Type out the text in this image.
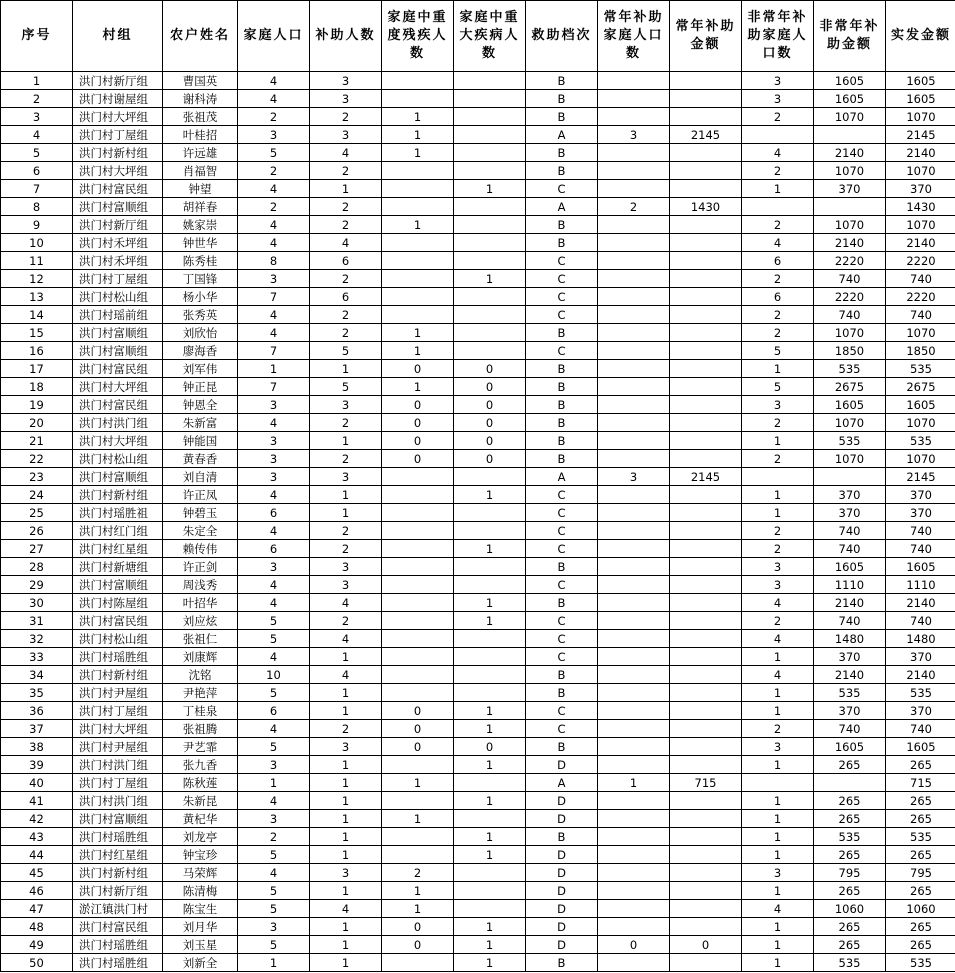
序号	村组	农户姓名	家庭人口	补助人数	家庭中重度残疾人数	家庭中重大疾病人数	救助档次	常年补助家庭人口数	常年补助金额	非常年补助家庭人口数	非常年补助金额	实发金额
1	洪门村新厅组	曹国英	4	3			B			3	1605	1605
2	洪门村谢屋组	谢科涛	4	3			B			3	1605	1605
3	洪门村大坪组	张祖茂	2	2	1		B			2	1070	1070
4	洪门村丁屋组	叶桂招	3	3	1		A	3	2145			2145
5	洪门村新村组	许远雄	5	4	1		B			4	2140	2140
6	洪门村大坪组	肖福智	2	2			B			2	1070	1070
7	洪门村富民组	钟望	4	1		1	C			1	370	370
8	洪门村富顺组	胡祥春	2	2			A	2	1430			1430
9	洪门村新厅组	姚家崇	4	2	1		B			2	1070	1070
10	洪门村禾坪组	钟世华	4	4			B			4	2140	2140
11	洪门村禾坪组	陈秀桂	8	6			C			6	2220	2220
12	洪门村丁屋组	丁国锋	3	2		1	C			2	740	740
13	洪门村松山组	杨小华	7	6			C			6	2220	2220
14	洪门村瑶前组	张秀英	4	2			C			2	740	740
15	洪门村富顺组	刘欣怡	4	2	1		B			2	1070	1070
16	洪门村富顺组	廖海香	7	5	1		C			5	1850	1850
17	洪门村富民组	刘军伟	1	1	0	0	B			1	535	535
18	洪门村大坪组	钟正昆	7	5	1	0	B			5	2675	2675
19	洪门村富民组	钟恩全	3	3	0	0	B			3	1605	1605
20	洪门村洪门组	朱新富	4	2	0	0	B			2	1070	1070
21	洪门村大坪组	钟能国	3	1	0	0	B			1	535	535
22	洪门村松山组	黄春香	3	2	0	0	B			2	1070	1070
23	洪门村富顺组	刘自清	3	3			A	3	2145			2145
24	洪门村新村组	许正凤	4	1		1	C			1	370	370
25	洪门村瑶胜祖	钟碧玉	6	1			C			1	370	370
26	洪门村红门组	朱定全	4	2			C			2	740	740
27	洪门村红星组	赖传伟	6	2		1	C			2	740	740
28	洪门村新塘组	许正剑	3	3			B			3	1605	1605
29	洪门村富顺组	周浅秀	4	3			C			3	1110	1110
30	洪门村陈屋组	叶招华	4	4		1	B			4	2140	2140
31	洪门村富民组	刘应炫	5	2		1	C			2	740	740
32	洪门村松山组	张祖仁	5	4			C			4	1480	1480
33	洪门村瑶胜组	刘康辉	4	1			C			1	370	370
34	洪门村新村组	沈铭	10	4			B			4	2140	2140
35	洪门村尹屋组	尹艳萍	5	1			B			1	535	535
36	洪门村丁屋组	丁桂泉	6	1	0	1	C			1	370	370
37	洪门村大坪组	张祖腾	4	2	0	1	C			2	740	740
38	洪门村尹屋组	尹艺霏	5	3	0	0	B			3	1605	1605
39	洪门村洪门组	张九香	3	1		1	D			1	265	265
40	洪门村丁屋组	陈秋莲	1	1	1		A	1	715			715
41	洪门村洪门组	朱新昆	4	1		1	D			1	265	265
42	洪门村富顺组	黄杞华	3	1	1		D			1	265	265
43	洪门村瑶胜组	刘龙亭	2	1		1	B			1	535	535
44	洪门村红星组	钟宝珍	5	1		1	D			1	265	265
45	洪门村新村组	马荣辉	4	3	2		D			3	795	795
46	洪门村新厅组	陈清梅	5	1	1		D			1	265	265
47	淤江镇洪门村	陈宝生	5	4	1		D			4	1060	1060
48	洪门村富民组	刘月华	3	1	0	1	D			1	265	265
49	洪门村瑶胜组	刘玉星	5	1	0	1	D	0	0	1	265	265
50	洪门村瑶胜组	刘新全	1	1		1	B			1	535	535
